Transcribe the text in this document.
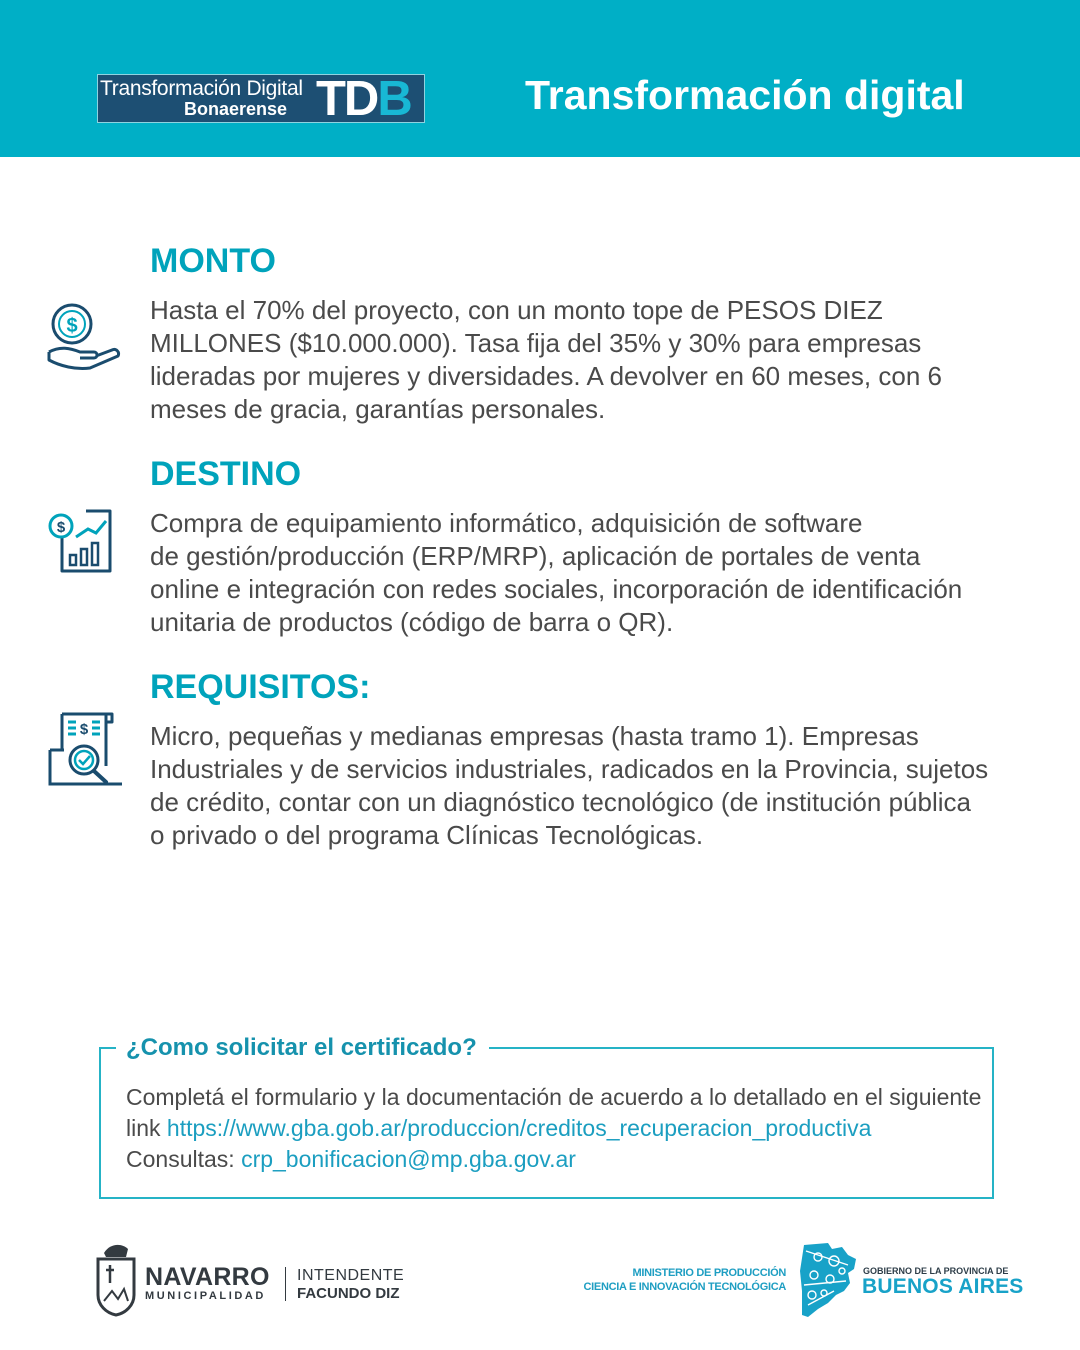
Transformación Digital
Bonaerense TDB	Transformación digital
$
MONTO

Hasta el 70% del proyecto, con un monto tope de PESOS DIEZ
MILLONES ($10.000.000). Tasa fija del 35% y 30% para empresas
lideradas por mujeres y diversidades. A devolver en 60 meses, con 6
meses de gracia, garantías personales.

$
DESTINO

Compra de equipamiento informático, adquisición de software
de gestión/producción (ERP/MRP), aplicación de portales de venta
online e integración con redes sociales, incorporación de identificación
unitaria de productos (código de barra o QR).

$
REQUISITOS:

Micro, pequeñas y medianas empresas (hasta tramo 1). Empresas
Industriales y de servicios industriales, radicados en la Provincia, sujetos
de crédito, contar con un diagnóstico tecnológico (de institución pública
o privado o del programa Clínicas Tecnológicas.

¿Como solicitar el certificado?
Completá el formulario y la documentación de acuerdo a lo detallado en el siguiente
link https://www.gba.gob.ar/produccion/creditos_recuperacion_productiva
Consultas: crp_bonificacion@mp.gba.gov.ar
NAVARRO
MUNICIPALIDAD
INTENDENTE
FACUNDO DIZ
MINISTERIO DE PRODUCCIÓN
CIENCIA E INNOVACIÓN TECNOLÓGICA
GOBIERNO DE LA PROVINCIA DE
BUENOS AIRES
